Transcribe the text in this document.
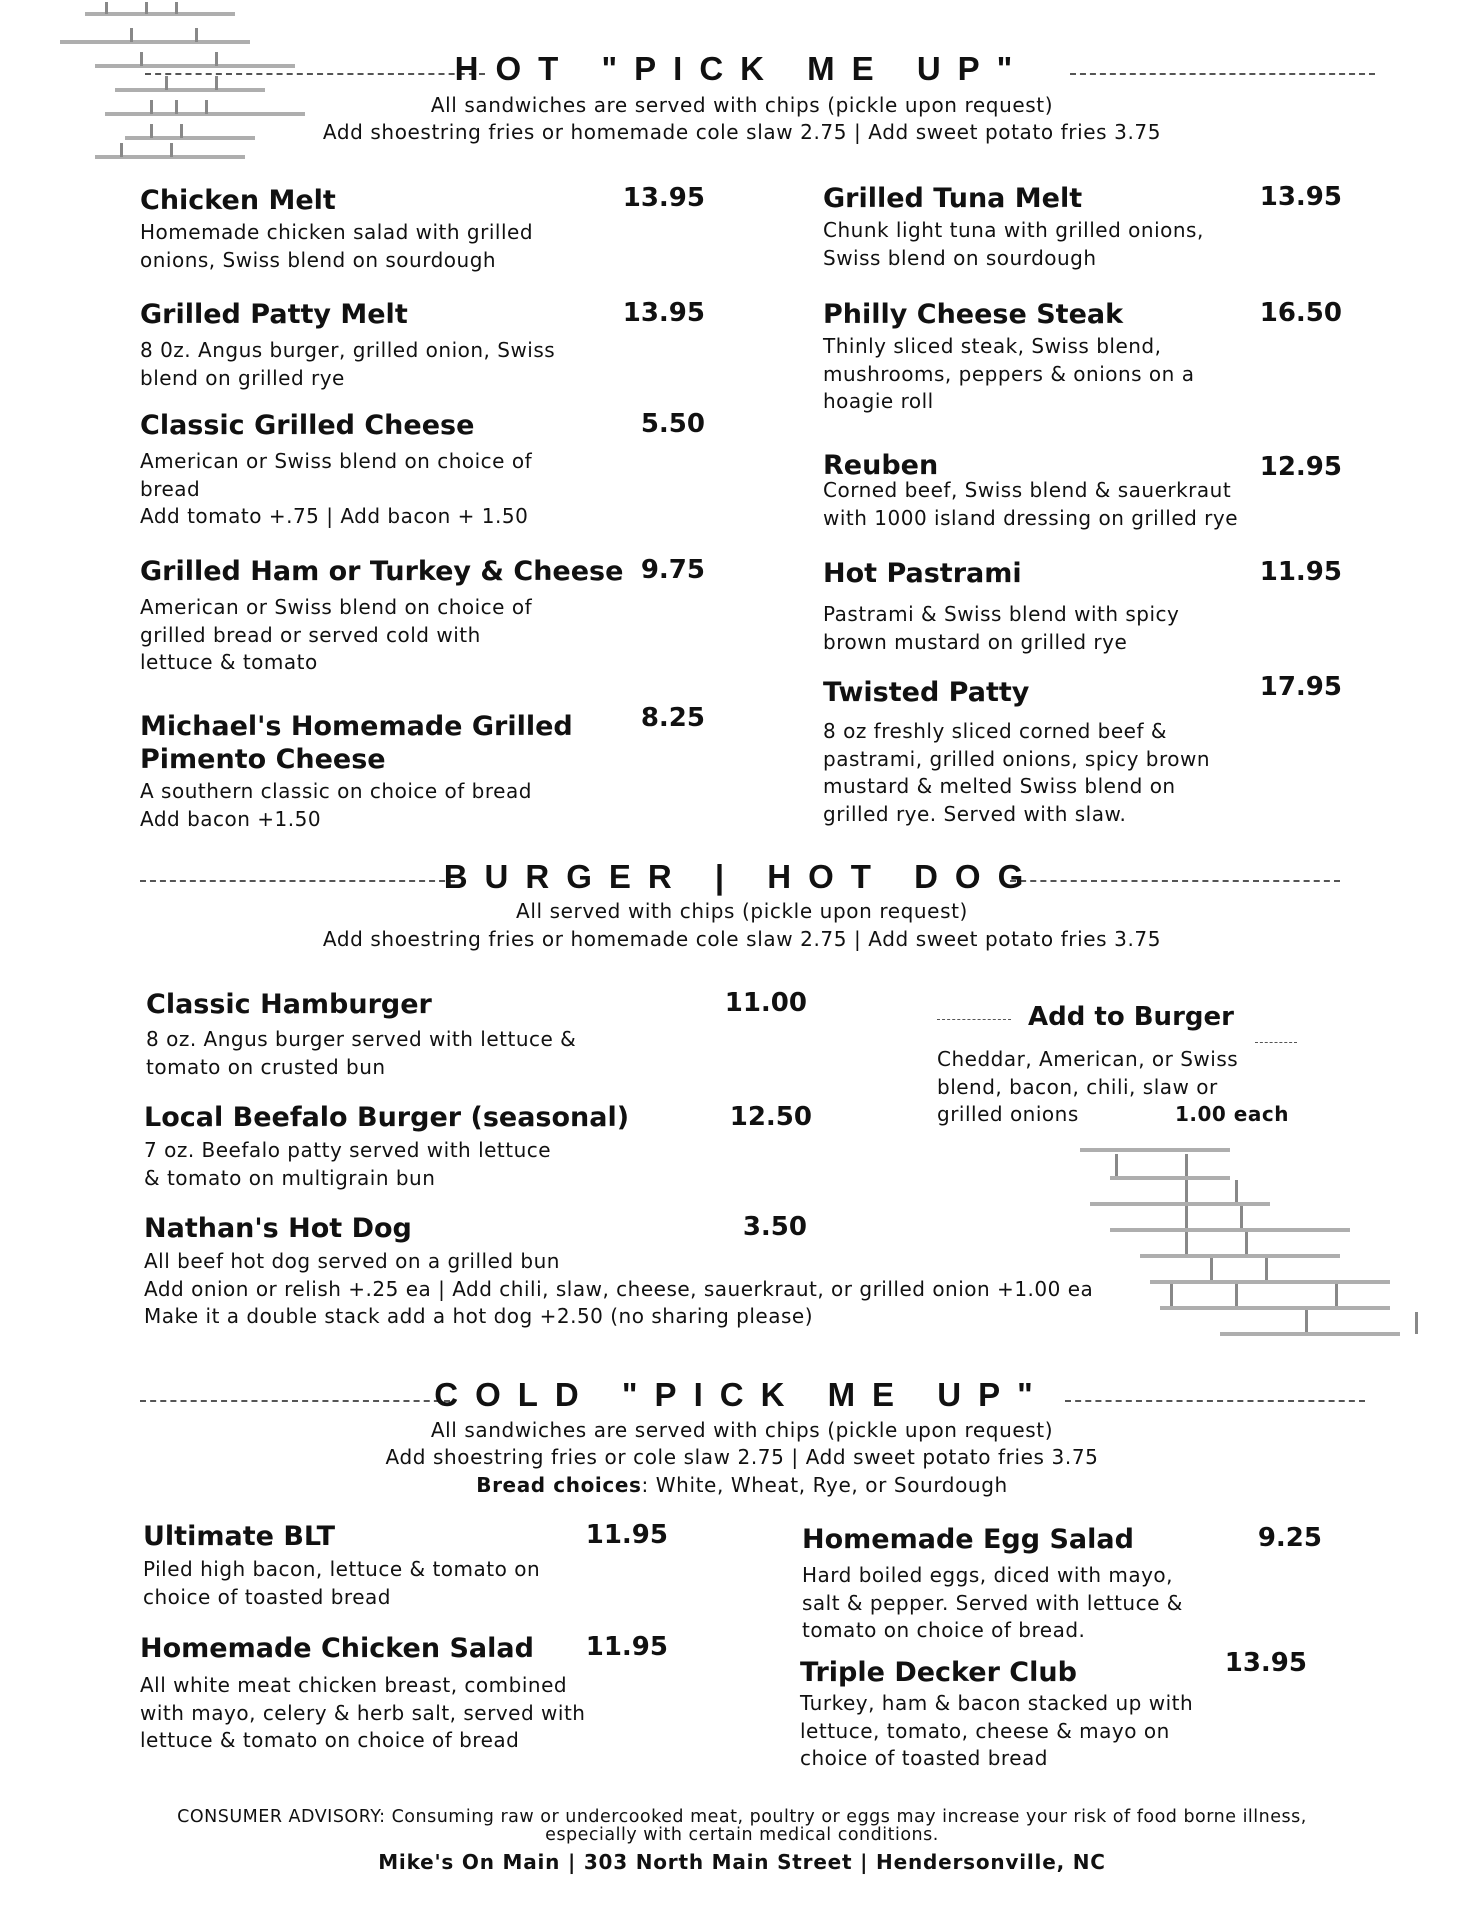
HOT "PICK ME UP"
All sandwiches are served with chips (pickle upon request)
Add shoestring fries or homemade cole slaw 2.75 | Add sweet potato fries 3.75
Chicken Melt	13.95
Homemade chicken salad with grilled
onions, Swiss blend on sourdough
Grilled Patty Melt	13.95
8 0z. Angus burger, grilled onion, Swiss
blend on grilled rye
Classic Grilled Cheese	5.50
American or Swiss blend on choice of
bread
Add tomato +.75 | Add bacon + 1.50
Grilled Ham or Turkey & Cheese 9.75
American or Swiss blend on choice of
grilled bread or served cold with
lettuce & tomato
Michael's Homemade Grilled
Pimento Cheese
8.25
A southern classic on choice of bread
Add bacon +1.50
Grilled Tuna Melt	13.95
Chunk light tuna with grilled onions,
Swiss blend on sourdough
Philly Cheese Steak	16.50
Thinly sliced steak, Swiss blend,
mushrooms, peppers & onions on a
hoagie roll
Reuben	12.95
Corned beef, Swiss blend & sauerkraut
with 1000 island dressing on grilled rye
Hot Pastrami	11.95
Pastrami & Swiss blend with spicy
brown mustard on grilled rye
Twisted Patty	17.95
8 oz freshly sliced corned beef &
pastrami, grilled onions, spicy brown
mustard & melted Swiss blend on
grilled rye. Served with slaw.
BURGER | HOT DOG
All served with chips (pickle upon request)
Add shoestring fries or homemade cole slaw 2.75 | Add sweet potato fries 3.75
Classic Hamburger	11.00
8 oz. Angus burger served with lettuce &
tomato on crusted bun
Local Beefalo Burger (seasonal)	12.50
7 oz. Beefalo patty served with lettuce
& tomato on multigrain bun
Nathan's Hot Dog	3.50
All beef hot dog served on a grilled bun
Add onion or relish +.25 ea | Add chili, slaw, cheese, sauerkraut, or grilled onion +1.00 ea
Make it a double stack add a hot dog +2.50 (no sharing please)
Add to Burger
Cheddar, American, or Swiss
blend, bacon, chili, slaw or
grilled onions	1.00 each
COLD "PICK ME UP"
All sandwiches are served with chips (pickle upon request)
Add shoestring fries or cole slaw 2.75 | Add sweet potato fries 3.75
Bread choices: White, Wheat, Rye, or Sourdough
Ultimate BLT	11.95
Piled high bacon, lettuce & tomato on
choice of toasted bread
Homemade Chicken Salad	11.95
All white meat chicken breast, combined
with mayo, celery & herb salt, served with
lettuce & tomato on choice of bread
Homemade Egg Salad	9.25
Hard boiled eggs, diced with mayo,
salt & pepper. Served with lettuce &
tomato on choice of bread.
Triple Decker Club	13.95
Turkey, ham & bacon stacked up with
lettuce, tomato, cheese & mayo on
choice of toasted bread
CONSUMER ADVISORY: Consuming raw or undercooked meat, poultry or eggs may increase your risk of food borne illness,
especially with certain medical conditions.
Mike's On Main | 303 North Main Street | Hendersonville, NC
